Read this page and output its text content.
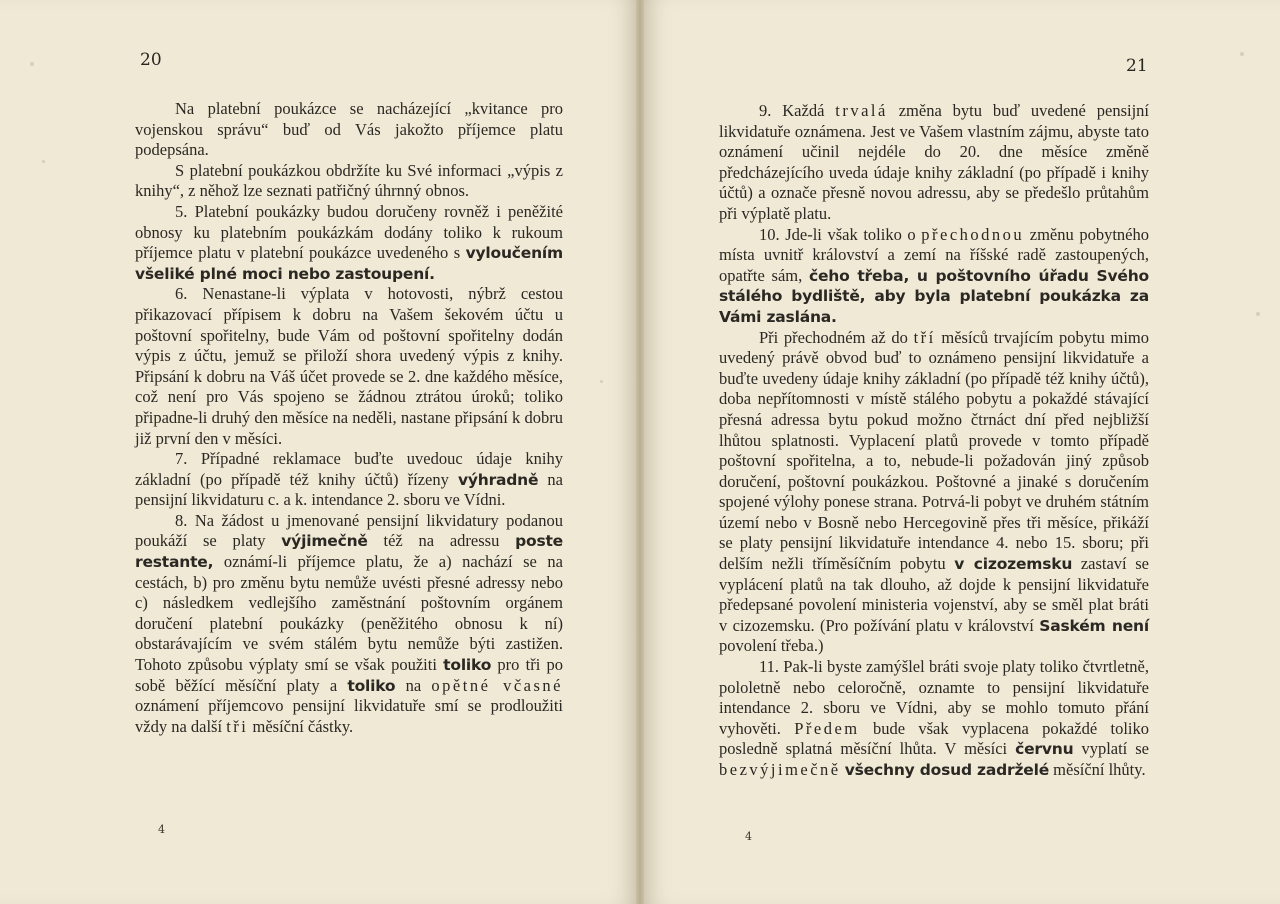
20	21

Na platební poukázce se nacházející „kvitance pro vojenskou správu“ buď od Vás jakožto příjemce platu podepsána.

S platební poukázkou obdržíte ku Své informaci „výpis z knihy“, z něhož lze seznati patřičný úhrnný obnos.

5. Platební poukázky budou doručeny rovněž i peněžité obnosy ku platebním poukázkám dodány toliko k rukoum příjemce platu v platební poukázce uvedeného s vyloučením všeliké plné moci nebo zastoupení.

6. Nenastane-li výplata v hotovosti, nýbrž cestou přikazovací přípisem k dobru na Vašem šekovém účtu u poštovní spořitelny, bude Vám od poštovní spořitelny dodán výpis z účtu, jemuž se přiloží shora uvedený výpis z knihy. Připsání k dobru na Váš účet provede se 2. dne každého měsíce, což není pro Vás spojeno se žádnou ztrátou úroků; toliko připadne-li druhý den měsíce na neděli, nastane připsání k dobru již první den v měsíci.

7. Případné reklamace buďte uvedouc údaje knihy základní (po případě též knihy účtů) řízeny výhradně na pensijní likvidaturu c. a k. intendance 2. sboru ve Vídni.

8. Na žádost u jmenované pensijní likvidatury podanou poukáží se platy výjimečně též na adressu poste restante, oznámí-li příjemce platu, že a) nachází se na cestách, b) pro změnu bytu nemůže uvésti přesné adressy nebo c) následkem vedlejšího zaměstnání poštovním orgánem doručení platební poukázky (peněžitého obnosu k ní) obstarávajícím ve svém stálém bytu nemůže býti zastižen. Tohoto způsobu výplaty smí se však použiti toliko pro tři po sobě běžící měsíční platy a toliko na opětné včasné oznámení příjemcovo pensijní likvidatuře smí se prodloužiti vždy na další tři měsíční částky.

4

9. Každá trvalá změna bytu buď uvedené pensijní likvidatuře oznámena. Jest ve Vašem vlastním zájmu, abyste tato oznámení učinil nejdéle do 20. dne měsíce změně předcházejícího uveda údaje knihy základní (po případě i knihy účtů) a označe přesně novou adressu, aby se předešlo průtahům při výplatě platu.

10. Jde-li však toliko o přechodnou změnu pobytného místa uvnitř království a zemí na říšské radě zastoupených, opatřte sám, čeho třeba, u poštovního úřadu Svého stálého bydliště, aby byla platební poukázka za Vámi zaslána.

Při přechodném až do tří měsíců trvajícím pobytu mimo uvedený právě obvod buď to oznámeno pensijní likvidatuře a buďte uvedeny údaje knihy základní (po případě též knihy účtů), doba nepřítomnosti v místě stálého pobytu a pokaždé stávající přesná adressa bytu pokud možno čtrnáct dní před nejbližší lhůtou splatnosti. Vyplacení platů provede v tomto případě poštovní spořitelna, a to, nebude-li požadován jiný způsob doručení, poštovní poukázkou. Poštovné a jinaké s doručením spojené výlohy ponese strana. Potrvá-li pobyt ve druhém státním území nebo v Bosně nebo Hercegovině přes tři měsíce, přikáží se platy pensijní likvidatuře intendance 4. nebo 15. sboru; při delším nežli tříměsíčním pobytu v cizozemsku zastaví se vyplácení platů na tak dlouho, až dojde k pensijní likvidatuře předepsané povolení ministeria vojenství, aby se směl plat bráti v cizozemsku. (Pro požívání platu v království Saském není povolení třeba.)

11. Pak-li byste zamýšlel bráti svoje platy toliko čtvrtletně, pololetně nebo celoročně, oznamte to pensijní likvidatuře intendance 2. sboru ve Vídni, aby se mohlo tomuto přání vyhověti. Předem bude však vyplacena pokaždé toliko posledně splatná měsíční lhůta. V měsíci červnu vyplatí se bezvýjimečně všechny dosud zadrželé měsíční lhůty.

4
